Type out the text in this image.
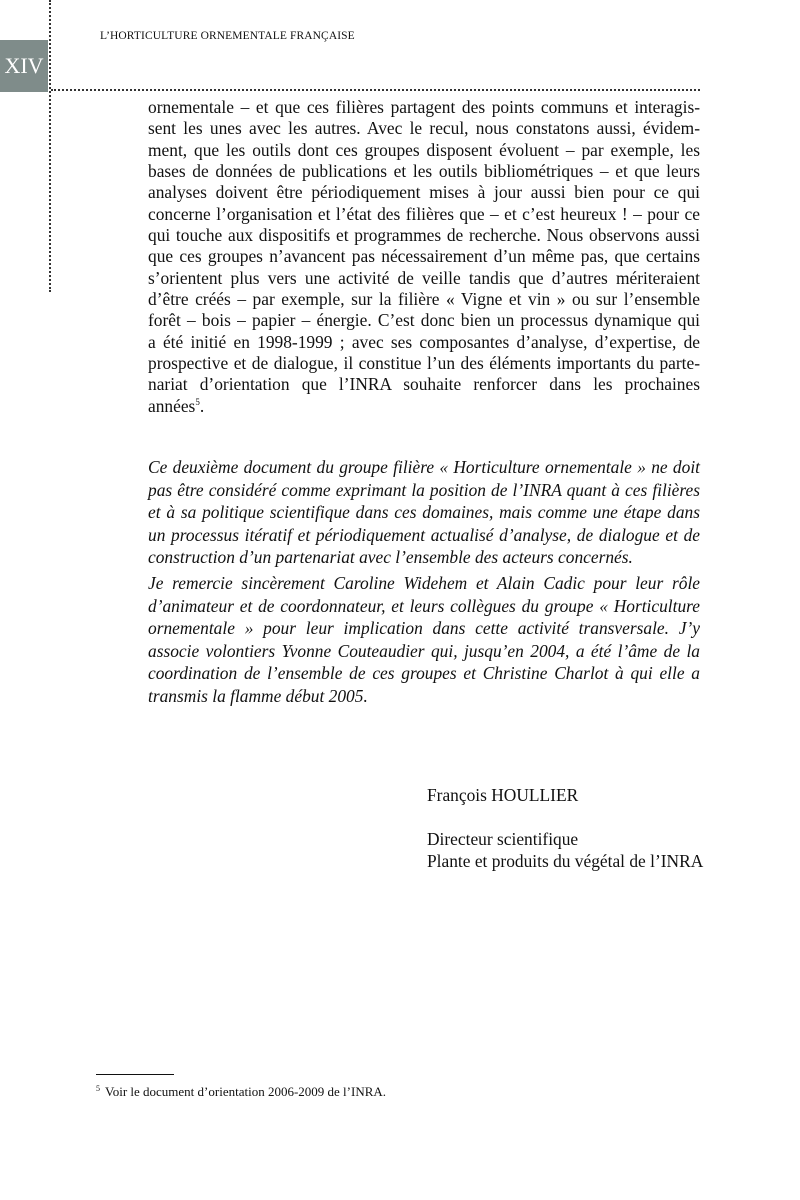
XIV
L’HORTICULTURE ORNEMENTALE FRANÇAISE
ornementale – et que ces filières partagent des points communs et interagis-
sent les unes avec les autres. Avec le recul, nous constatons aussi, évidem-
ment, que les outils dont ces groupes disposent évoluent – par exemple, les
bases de données de publications et les outils bibliométriques – et que leurs
analyses doivent être périodiquement mises à jour aussi bien pour ce qui
concerne l’organisation et l’état des filières que – et c’est heureux ! – pour ce
qui touche aux dispositifs et programmes de recherche. Nous observons aussi
que ces groupes n’avancent pas nécessairement d’un même pas, que certains
s’orientent plus vers une activité de veille tandis que d’autres mériteraient
d’être créés – par exemple, sur la filière « Vigne et vin » ou sur l’ensemble
forêt – bois – papier – énergie. C’est donc bien un processus dynamique qui
a été initié en 1998-1999 ; avec ses composantes d’analyse, d’expertise, de
prospective et de dialogue, il constitue l’un des éléments importants du parte-
nariat d’orientation que l’INRA souhaite renforcer dans les prochaines
années$^5$.
Ce deuxième document du groupe filière « Horticulture ornementale » ne doit
pas être considéré comme exprimant la position de l’INRA quant à ces filières
et à sa politique scientifique dans ces domaines, mais comme une étape dans
un processus itératif et périodiquement actualisé d’analyse, de dialogue et de
construction d’un partenariat avec l’ensemble des acteurs concernés.
Je remercie sincèrement Caroline Widehem et Alain Cadic pour leur rôle
d’animateur et de coordonnateur, et leurs collègues du groupe « Horticulture
ornementale » pour leur implication dans cette activité transversale. J’y
associe volontiers Yvonne Couteaudier qui, jusqu’en 2004, a été l’âme de la
coordination de l’ensemble de ces groupes et Christine Charlot à qui elle a
transmis la flamme début 2005.
François HOULLIER
Directeur scientifique
Plante et produits du végétal de l’INRA
$^5$ Voir le document d’orientation 2006-2009 de l’INRA.
